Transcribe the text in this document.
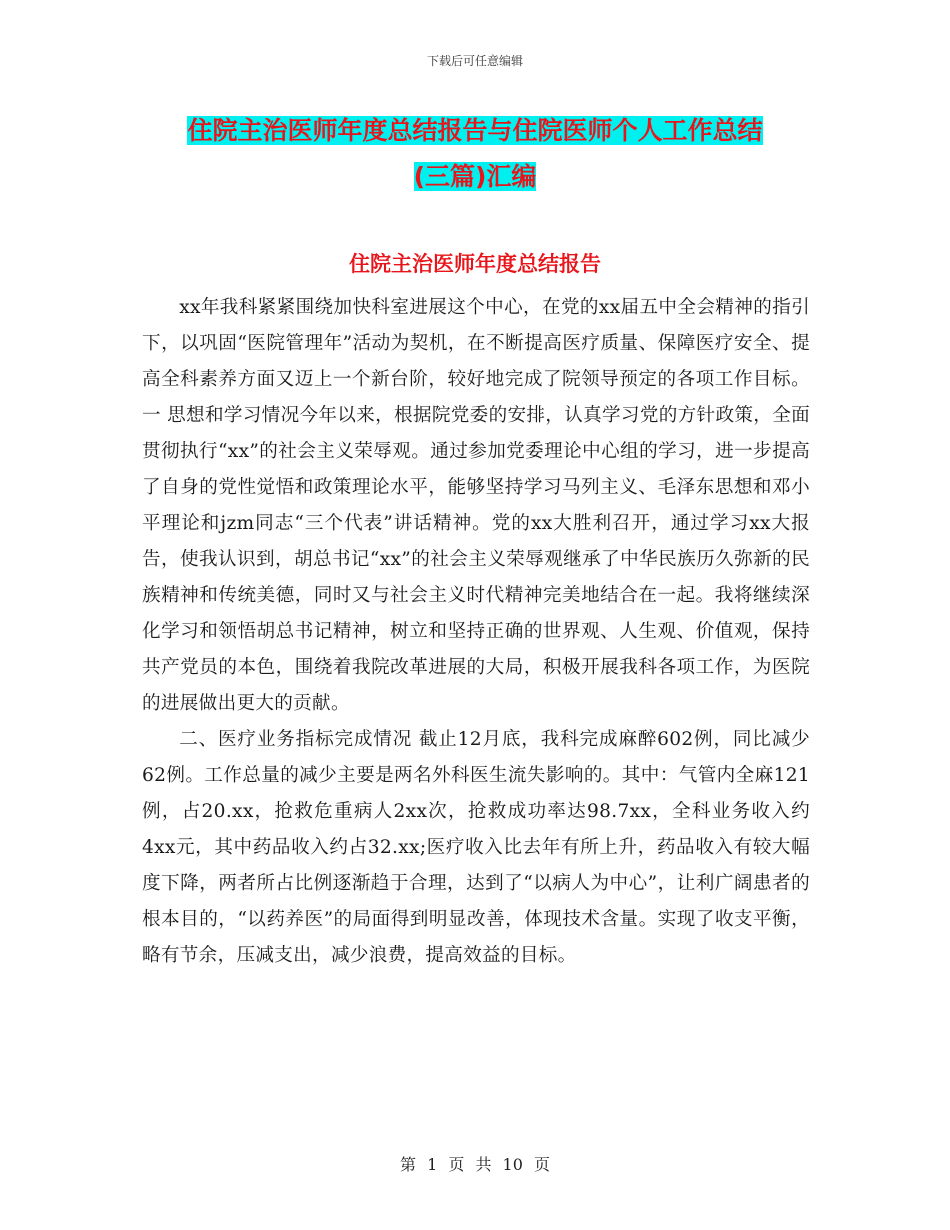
下载后可任意编辑
住院主治医师年度总结报告与住院医师个人工作总结
(三篇)汇编
住院主治医师年度总结报告

xx年我科紧紧围绕加快科室进展这个中心，在党的xx届五中全会精神的指引下，以巩固“医院管理年”活动为契机，在不断提高医疗质量、保障医疗安全、提高全科素养方面又迈上一个新台阶，较好地完成了院领导预定的各项工作目标。一 思想和学习情况今年以来，根据院党委的安排，认真学习党的方针政策，全面贯彻执行“xx”的社会主义荣辱观。通过参加党委理论中心组的学习，进一步提高了自身的党性觉悟和政策理论水平，能够坚持学习马列主义、毛泽东思想和邓小平理论和jzm同志“三个代表”讲话精神。党的xx大胜利召开，通过学习xx大报告，使我认识到，胡总书记“xx”的社会主义荣辱观继承了中华民族历久弥新的民族精神和传统美德，同时又与社会主义时代精神完美地结合在一起。我将继续深化学习和领悟胡总书记精神，树立和坚持正确的世界观、人生观、价值观，保持共产党员的本色，围绕着我院改革进展的大局，积极开展我科各项工作，为医院的进展做出更大的贡献。

二、医疗业务指标完成情况 截止12月底，我科完成麻醉602例，同比减少62例。工作总量的减少主要是两名外科医生流失影响的。其中：气管内全麻121例，占20.xx，抢救危重病人2xx次，抢救成功率达98.7xx，全科业务收入约4xx元，其中药品收入约占32.xx;医疗收入比去年有所上升，药品收入有较大幅度下降，两者所占比例逐渐趋于合理，达到了“以病人为中心”，让利广阔患者的根本目的，“以药养医”的局面得到明显改善，体现技术含量。实现了收支平衡，略有节余，压减支出，减少浪费，提高效益的目标。

第 1 页 共 10 页
